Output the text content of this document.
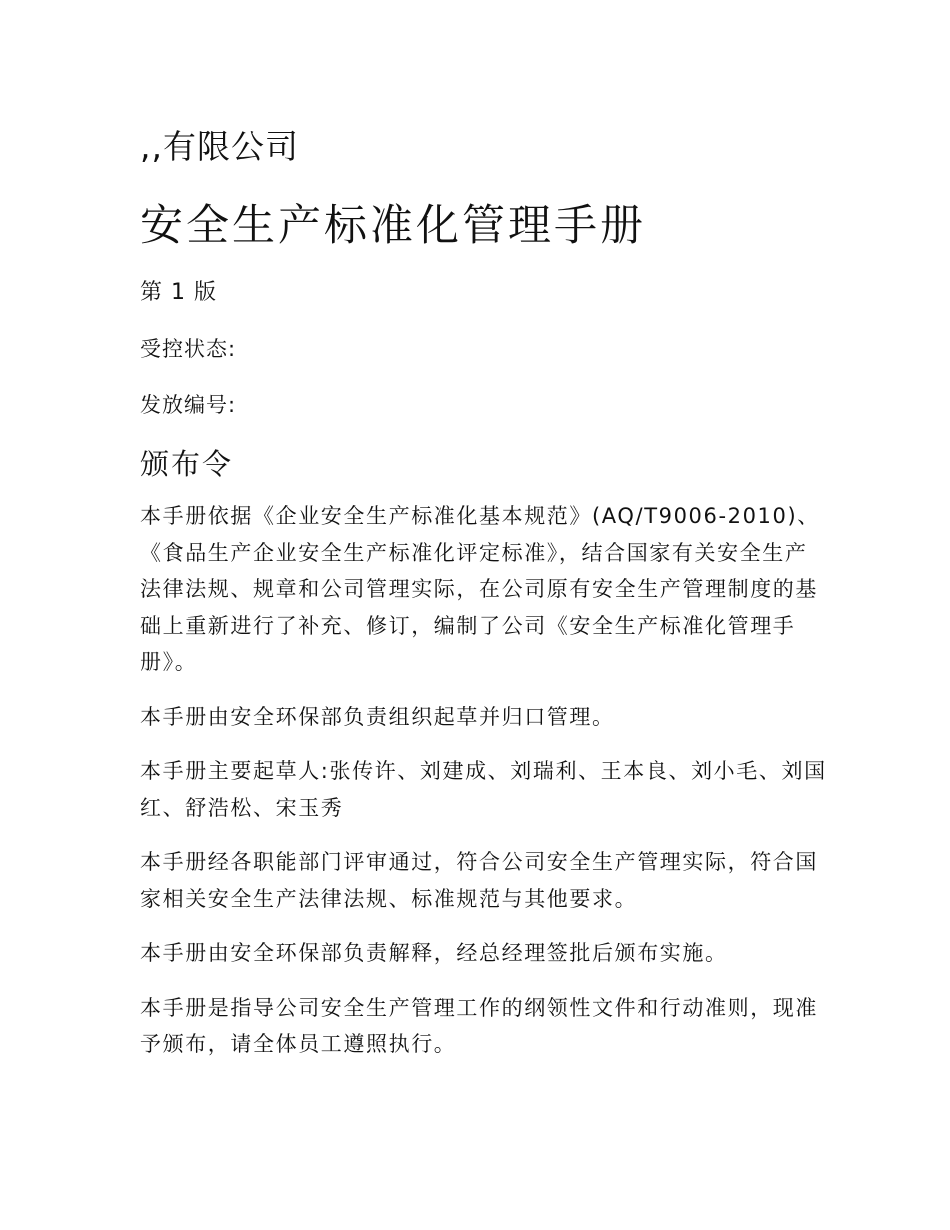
,,有限公司
安全生产标准化管理手册
第 1 版
受控状态:
发放编号:
颁布令

本手册依据《企业安全生产标准化基本规范》(AQ/T9006-2010)、《食品生产企业安全生产标准化评定标准》，结合国家有关安全生产法律法规、规章和公司管理实际，在公司原有安全生产管理制度的基础上重新进行了补充、修订，编制了公司《安全生产标准化管理手册》。

本手册由安全环保部负责组织起草并归口管理。

本手册主要起草人:张传许、刘建成、刘瑞利、王本良、刘小毛、刘国红、舒浩松、宋玉秀

本手册经各职能部门评审通过，符合公司安全生产管理实际，符合国家相关安全生产法律法规、标准规范与其他要求。

本手册由安全环保部负责解释，经总经理签批后颁布实施。

本手册是指导公司安全生产管理工作的纲领性文件和行动准则，现准予颁布，请全体员工遵照执行。
